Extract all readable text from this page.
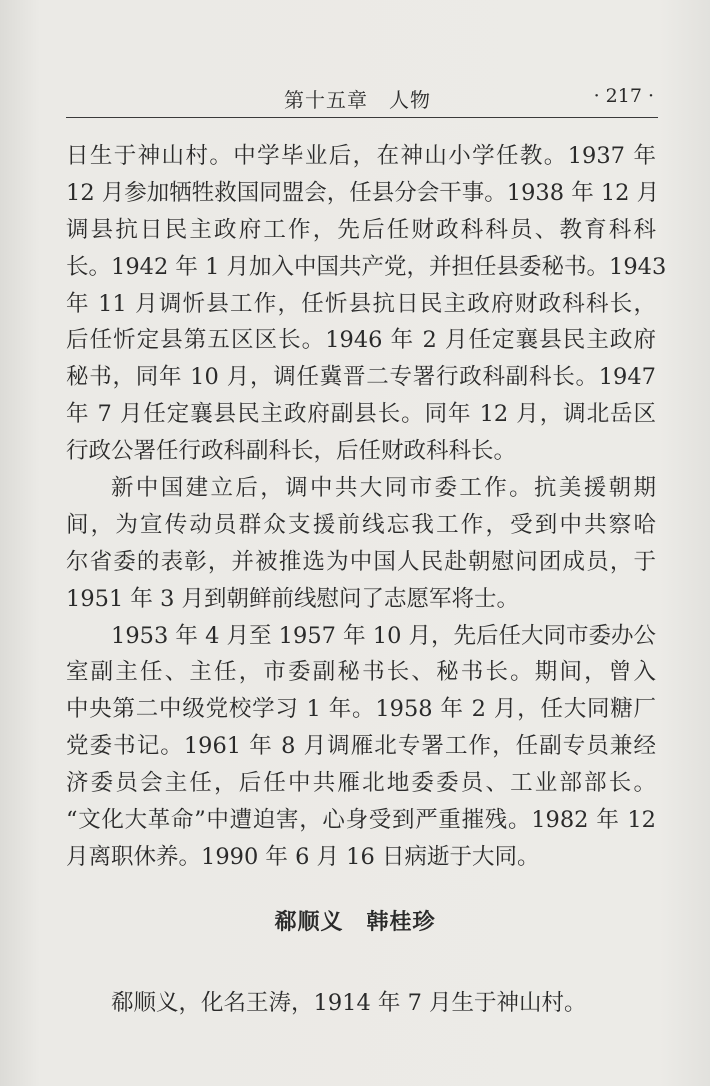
第十五章　人物	· 217 ·
日生于神山村。中学毕业后，在神山小学任教。1937 年
12 月参加牺牲救国同盟会，任县分会干事。1938 年 12 月
调县抗日民主政府工作，先后任财政科科员、教育科科
长。1942 年 1 月加入中国共产党，并担任县委秘书。1943
年 11 月调忻县工作，任忻县抗日民主政府财政科科长，
后任忻定县第五区区长。1946 年 2 月任定襄县民主政府
秘书，同年 10 月，调任冀晋二专署行政科副科长。1947
年 7 月任定襄县民主政府副县长。同年 12 月，调北岳区
行政公署任行政科副科长，后任财政科科长。
新中国建立后，调中共大同市委工作。抗美援朝期
间，为宣传动员群众支援前线忘我工作，受到中共察哈
尔省委的表彰，并被推选为中国人民赴朝慰问团成员，于
1951 年 3 月到朝鲜前线慰问了志愿军将士。
1953 年 4 月至 1957 年 10 月，先后任大同市委办公
室副主任、主任，市委副秘书长、秘书长。期间，曾入
中央第二中级党校学习 1 年。1958 年 2 月，任大同糖厂
党委书记。1961 年 8 月调雁北专署工作，任副专员兼经
济委员会主任，后任中共雁北地委委员、工业部部长。
“文化大革命”中遭迫害，心身受到严重摧残。1982 年 12
月离职休养。1990 年 6 月 16 日病逝于大同。
郗顺义　韩桂珍
郗顺义，化名王涛，1914 年 7 月生于神山村。
